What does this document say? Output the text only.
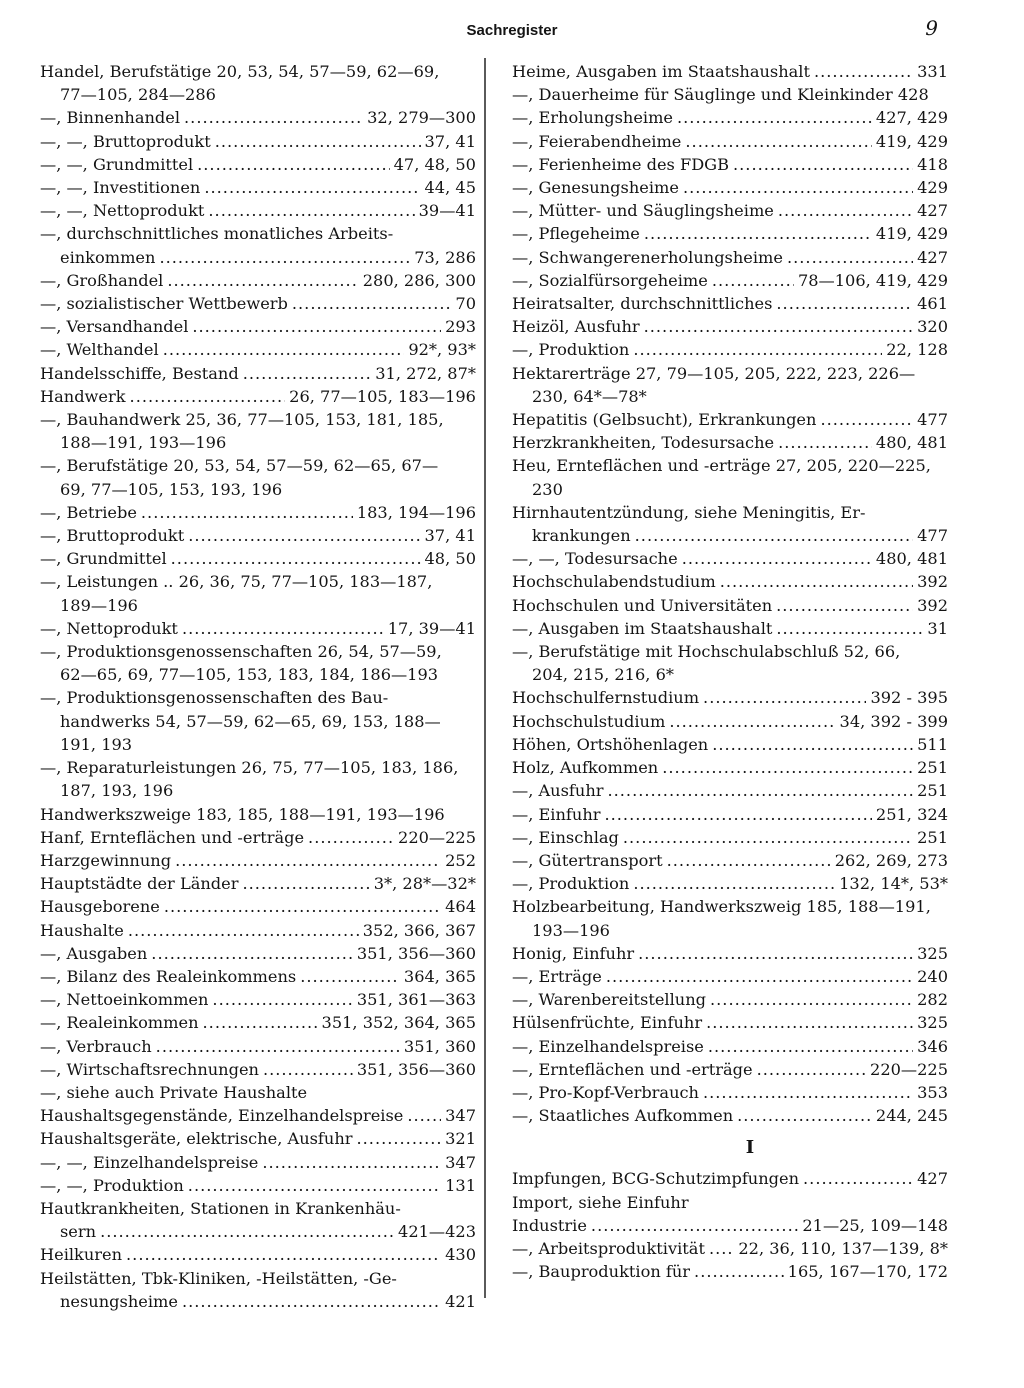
Sachregister	9
Handel, Berufstätige 20, 53, 54, 57—59, 62—69,
77—105, 284—286
—, Binnenhandel .....	32, 279—300
—, —, Bruttoprodukt .....	37, 41
—, —, Grundmittel .....	47, 48, 50
—, —, Investitionen .....	44, 45
—, —, Nettoprodukt .....	39—41
—, durchschnittliches monatliches Arbeits-
einkommen .....	73, 286
—, Großhandel .....	280, 286, 300
—, sozialistischer Wettbewerb .....	70
—, Versandhandel .....	293
—, Welthandel .....	92*, 93*
Handelsschiffe, Bestand .....	31, 272, 87*
Handwerk .....	26, 77—105, 183—196
—, Bauhandwerk 25, 36, 77—105, 153, 181, 185,
188—191, 193—196
—, Berufstätige 20, 53, 54, 57—59, 62—65, 67—
69, 77—105, 153, 193, 196
—, Betriebe .....	183, 194—196
—, Bruttoprodukt .....	37, 41
—, Grundmittel .....	48, 50
—, Leistungen .. 26, 36, 75, 77—105, 183—187,
189—196
—, Nettoprodukt .....	17, 39—41
—, Produktionsgenossenschaften 26, 54, 57—59,
62—65, 69, 77—105, 153, 183, 184, 186—193
—, Produktionsgenossenschaften des Bau-
handwerks 54, 57—59, 62—65, 69, 153, 188—
191, 193
—, Reparaturleistungen 26, 75, 77—105, 183, 186,
187, 193, 196
Handwerkszweige 183, 185, 188—191, 193—196
Hanf, Ernteflächen und -erträge .....	220—225
Harzgewinnung .....	252
Hauptstädte der Länder .....	3*, 28*—32*
Hausgeborene .....	464
Haushalte .....	352, 366, 367
—, Ausgaben .....	351, 356—360
—, Bilanz des Realeinkommens .....	364, 365
—, Nettoeinkommen .....	351, 361—363
—, Realeinkommen .....	351, 352, 364, 365
—, Verbrauch .....	351, 360
—, Wirtschaftsrechnungen .....	351, 356—360
—, siehe auch Private Haushalte
Haushaltsgegenstände, Einzelhandelspreise .....	347
Haushaltsgeräte, elektrische, Ausfuhr .....	321
—, —, Einzelhandelspreise .....	347
—, —, Produktion .....	131
Hautkrankheiten, Stationen in Krankenhäu-
sern .....	421—423
Heilkuren .....	430
Heilstätten, Tbk-Kliniken, -Heilstätten, -Ge-
nesungsheime .....	421
Heime, Ausgaben im Staatshaushalt .....	331
—, Dauerheime für Säuglinge und Kleinkinder 428
—, Erholungsheime .....	427, 429
—, Feierabendheime .....	419, 429
—, Ferienheime des FDGB .....	418
—, Genesungsheime .....	429
—, Mütter- und Säuglingsheime .....	427
—, Pflegeheime .....	419, 429
—, Schwangerenerholungsheime .....	427
—, Sozialfürsorgeheime .....	78—106, 419, 429
Heiratsalter, durchschnittliches .....	461
Heizöl, Ausfuhr .....	320
—, Produktion .....	22, 128
Hektarerträge 27, 79—105, 205, 222, 223, 226—
230, 64*—78*
Hepatitis (Gelbsucht), Erkrankungen .....	477
Herzkrankheiten, Todesursache .....	480, 481
Heu, Ernteflächen und -erträge 27, 205, 220—225,
230
Hirnhautentzündung, siehe Meningitis, Er-
krankungen .....	477
—, —, Todesursache .....	480, 481
Hochschulabendstudium .....	392
Hochschulen und Universitäten .....	392
—, Ausgaben im Staatshaushalt .....	31
—, Berufstätige mit Hochschulabschluß 52, 66,
204, 215, 216, 6*
Hochschulfernstudium .....	392 - 395
Hochschulstudium .....	34, 392 - 399
Höhen, Ortshöhenlagen .....	511
Holz, Aufkommen .....	251
—, Ausfuhr .....	251
—, Einfuhr .....	251, 324
—, Einschlag .....	251
—, Gütertransport .....	262, 269, 273
—, Produktion .....	132, 14*, 53*
Holzbearbeitung, Handwerkszweig 185, 188—191,
193—196
Honig, Einfuhr .....	325
—, Erträge .....	240
—, Warenbereitstellung .....	282
Hülsenfrüchte, Einfuhr .....	325
—, Einzelhandelspreise .....	346
—, Ernteflächen und -erträge .....	220—225
—, Pro-Kopf-Verbrauch .....	353
—, Staatliches Aufkommen .....	244, 245
I
Impfungen, BCG-Schutzimpfungen .....	427
Import, siehe Einfuhr
Industrie .....	21—25, 109—148
—, Arbeitsproduktivität ..... 22, 36, 110, 137—139, 8*
—, Bauproduktion für .....	165, 167—170, 172
